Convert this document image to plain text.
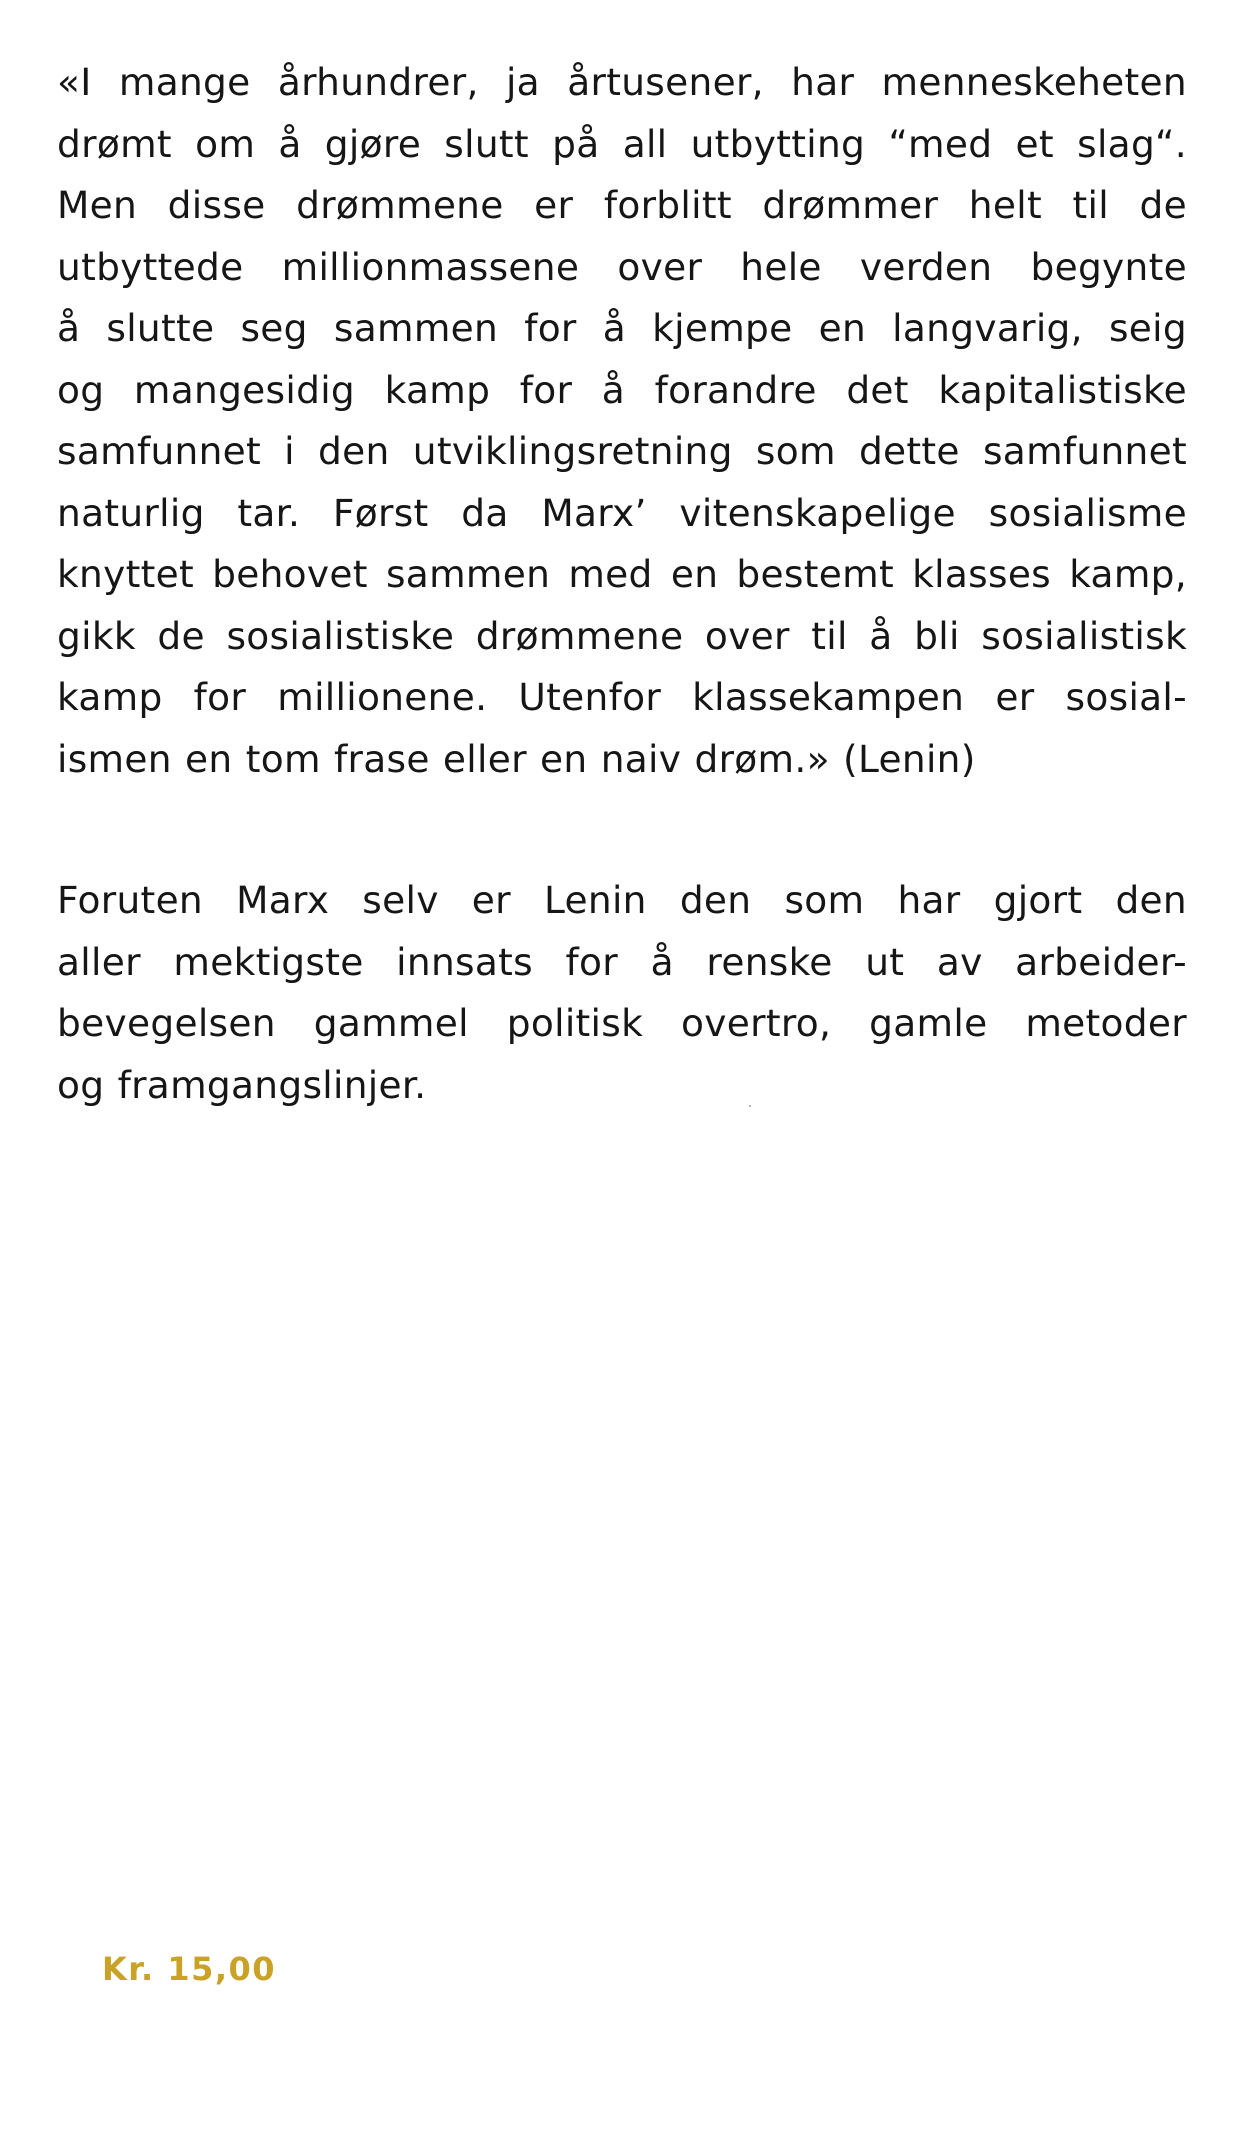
«I mange århundrer, ja årtusener, har menneskeheten
drømt om å gjøre slutt på all utbytting “med et slag“.
Men disse drømmene er forblitt drømmer helt til de
utbyttede millionmassene over hele verden begynte
å slutte seg sammen for å kjempe en langvarig, seig
og mangesidig kamp for å forandre det kapitalistiske
samfunnet i den utviklingsretning som dette samfunnet
naturlig tar. Først da Marx’ vitenskapelige sosialisme
knyttet behovet sammen med en bestemt klasses kamp,
gikk de sosialistiske drømmene over til å bli sosialistisk
kamp for millionene. Utenfor klassekampen er sosial-
ismen en tom frase eller en naiv drøm.» (Lenin)
Foruten Marx selv er Lenin den som har gjort den
aller mektigste innsats for å renske ut av arbeider-
bevegelsen gammel politisk overtro, gamle metoder
og framgangslinjer.
Kr. 15,00
